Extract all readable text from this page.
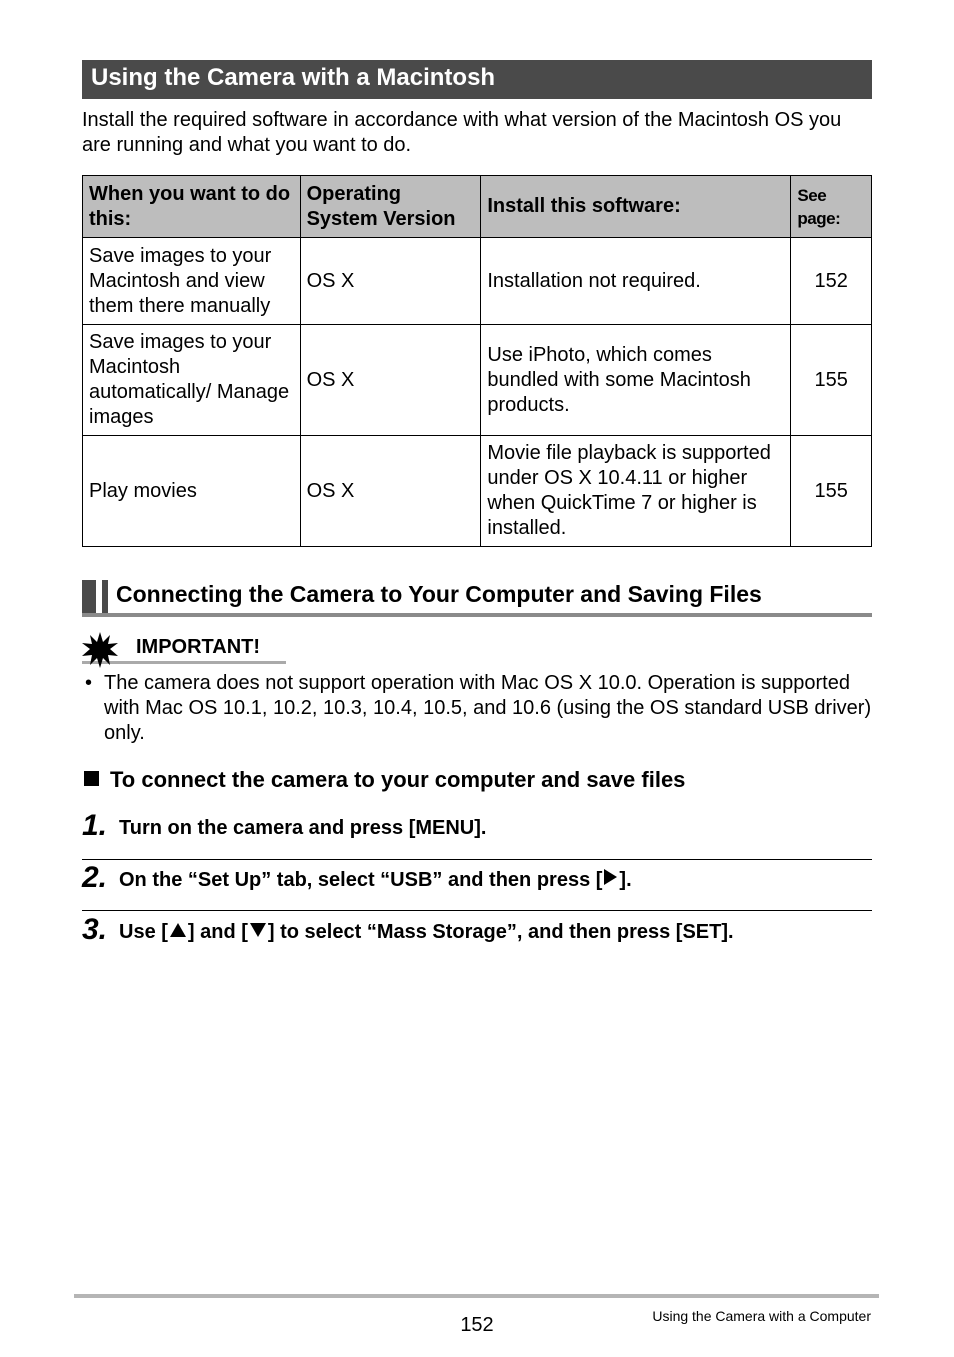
Using the Camera with a Macintosh

Install the required software in accordance with what version of the Macintosh OS you are running and what you want to do.

When you want to do this:	Operating System Version	Install this software:	See page:
Save images to your Macintosh and view them there manually	OS X	Installation not required.	152
Save images to your Macintosh automatically/ Manage images	OS X	Use iPhoto, which comes bundled with some Macintosh products.	155
Play movies	OS X	Movie file playback is supported under OS X 10.4.11 or higher when QuickTime 7 or higher is installed.	155
Connecting the Camera to Your Computer and Saving Files
IMPORTANT!
• The camera does not support operation with Mac OS X 10.0. Operation is supported with Mac OS 10.1, 10.2, 10.3, 10.4, 10.5, and 10.6 (using the OS standard USB driver) only.
To connect the camera to your computer and save files
1. Turn on the camera and press [MENU].
2. On the “Set Up” tab, select “USB” and then press [ ].
3. Use [ ] and [ ] to select “Mass Storage”, and then press [SET].
152	Using the Camera with a Computer
